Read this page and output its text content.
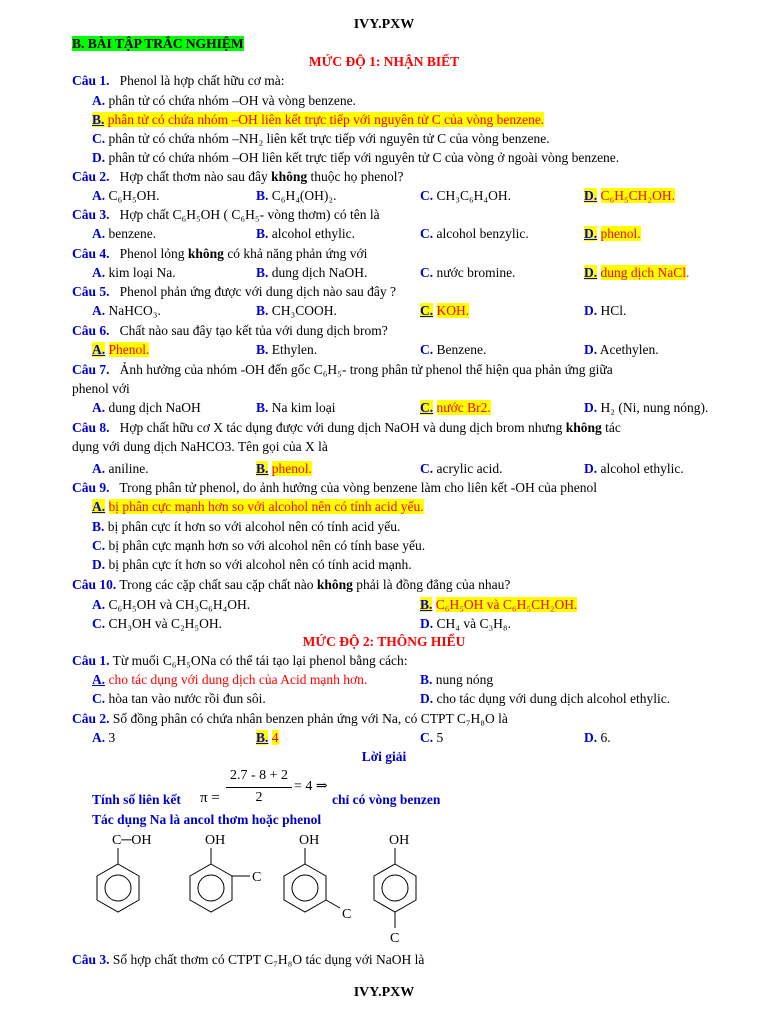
IVY.PXW
B. BÀI TẬP TRẮC NGHIỆM
MỨC ĐỘ 1: NHẬN BIẾT
Câu 1. Phenol là hợp chất hữu cơ mà:
A. phân tử có chứa nhóm –OH và vòng benzene.
B. phân tử có chứa nhóm –OH liên kết trực tiếp với nguyên tử C của vòng benzene.
C. phân tử có chứa nhóm –NH₂ liên kết trực tiếp với nguyên tử C của vòng benzene.
D. phân tử có chứa nhóm –OH liên kết trực tiếp với nguyên tử C của vòng ở ngoài vòng benzene.
Câu 2. Hợp chất thơm nào sau đây không thuộc họ phenol?
A. C₆H₅OH.	B. C₆H₄(OH)₂.	C. CH₃C₆H₄OH.	D. C₆H₅CH₂OH.
Câu 3. Hợp chất C₆H₅OH ( C₆H₅- vòng thơm) có tên là
A. benzene.	B. alcohol ethylic.	C. alcohol benzylic.	D. phenol.
Câu 4. Phenol lỏng không có khả năng phản ứng với
A. kim loại Na.	B. dung dịch NaOH.	C. nước bromine.	D. dung dịch NaCl.
Câu 5. Phenol phản ứng được với dung dịch nào sau đây ?
A. NaHCO₃.	B. CH₃COOH.	C. KOH.	D. HCl.
Câu 6. Chất nào sau đây tạo kết tủa với dung dịch brom?
A. Phenol.	B. Ethylen.	C. Benzene.	D. Acethylen.
Câu 7. Ảnh hưởng của nhóm -OH đến gốc C₆H₅- trong phân tử phenol thể hiện qua phản ứng giữa
phenol với
A. dung dịch NaOH	B. Na kim loại	C. nước Br2.	D. H₂ (Ni, nung nóng).
Câu 8. Hợp chất hữu cơ X tác dụng được với dung dịch NaOH và dung dịch brom nhưng không tác
dụng với dung dịch NaHCO3. Tên gọi của X là
A. aniline.	B. phenol.	C. acrylic acid.	D. alcohol ethylic.
Câu 9. Trong phân tử phenol, do ảnh hưởng của vòng benzene làm cho liên kết -OH của phenol
A. bị phân cực mạnh hơn so với alcohol nên có tính acid yếu.
B. bị phân cực ít hơn so với alcohol nên có tính acid yếu.
C. bị phân cực mạnh hơn so với alcohol nên có tính base yếu.
D. bị phân cực ít hơn so với alcohol nên có tính acid mạnh.
Câu 10. Trong các cặp chất sau cặp chất nào không phải là đồng đẳng của nhau?
A. C₆H₅OH và CH₃C₆H₄OH.	B. C₆H₅OH và C₆H₅CH₂OH.
C. CH₃OH và C₂H₅OH.	D. CH₄ và C₃H₈.
MỨC ĐỘ 2: THÔNG HIỂU
Câu 1. Từ muối C₆H₅ONa có thể tái tạo lại phenol bằng cách:
A. cho tác dụng với dung dịch của Acid mạnh hơn.	B. nung nóng
C. hòa tan vào nước rồi đun sôi.	D. cho tác dụng với dung dịch alcohol ethylic.
Câu 2. Số đồng phân có chứa nhân benzen phản ứng với Na, có CTPT C₇H₈O là
A. 3	B. 4	C. 5	D. 6.
Lời giải
Tính số liên kết π =
2.7 - 8 + 2
2
= 4 ⇒
chỉ có vòng benzen
Tác dụng Na là ancol thơm hoặc phenol
C─OH	OH
C
OH
C
OH
C
Câu 3. Số hợp chất thơm có CTPT C₇H₈O tác dụng với NaOH là
IVY.PXW
